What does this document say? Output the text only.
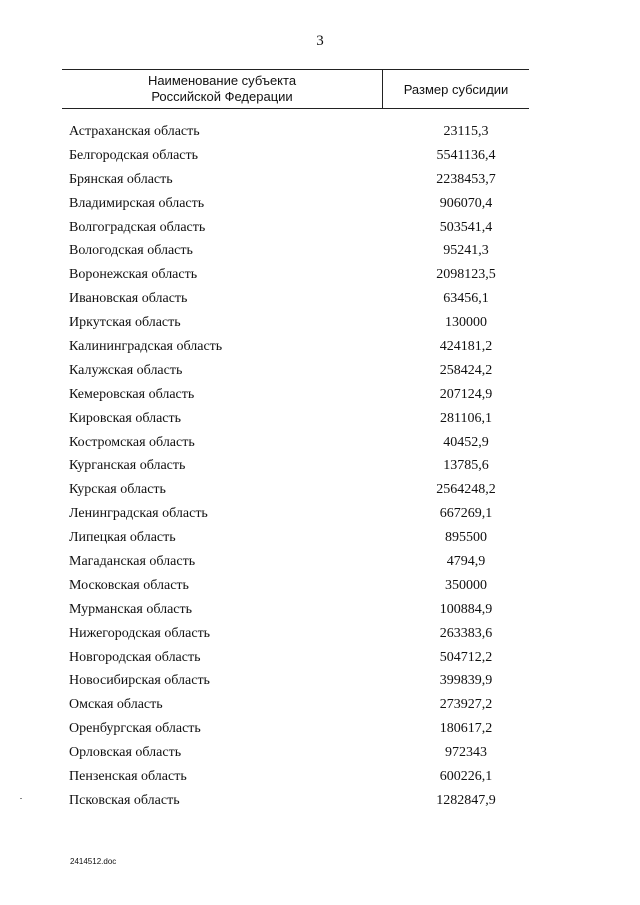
3
Наименование субъекта
Российской Федерации	Размер субсидии
Астраханская область	23115,3
Белгородская область	5541136,4
Брянская область	2238453,7
Владимирская область	906070,4
Волгоградская область	503541,4
Вологодская область	95241,3
Воронежская область	2098123,5
Ивановская область	63456,1
Иркутская область	130000
Калининградская область	424181,2
Калужская область	258424,2
Кемеровская область	207124,9
Кировская область	281106,1
Костромская область	40452,9
Курганская область	13785,6
Курская область	2564248,2
Ленинградская область	667269,1
Липецкая область	895500
Магаданская область	4794,9
Московская область	350000
Мурманская область	100884,9
Нижегородская область	263383,6
Новгородская область	504712,2
Новосибирская область	399839,9
Омская область	273927,2
Оренбургская область	180617,2
Орловская область	972343
Пензенская область	600226,1
Псковская область	1282847,9
2414512.doc
